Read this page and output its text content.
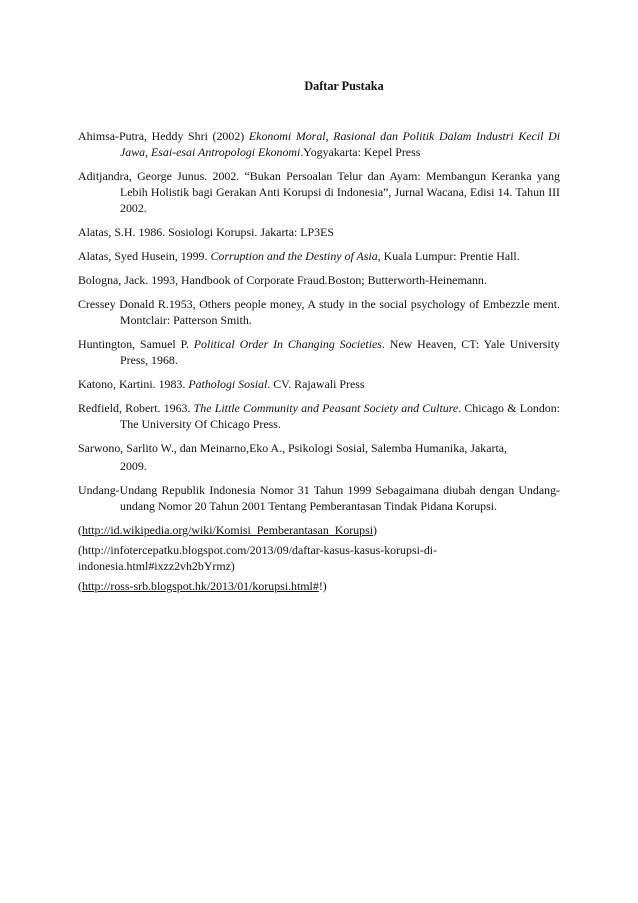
Daftar Pustaka

Ahimsa-Putra, Heddy Shri (2002) Ekonomi Moral, Rasional dan Politik Dalam Industri Kecil Di Jawa, Esai-esai Antropologi Ekonomi.Yogyakarta: Kepel Press

Aditjandra, George Junus. 2002. “Bukan Persoalan Telur dan Ayam: Membangun Keranka yang Lebih Holistik bagi Gerakan Anti Korupsi di Indonesia”, Jurnal Wacana, Edisi 14. Tahun III 2002.

Alatas, S.H. 1986. Sosiologi Korupsi. Jakarta: LP3ES

Alatas, Syed Husein, 1999. Corruption and the Destiny of Asia, Kuala Lumpur: Prentie Hall.

Bologna, Jack. 1993, Handbook of Corporate Fraud.Boston; Butterworth-Heinemann.

Cressey Donald R.1953, Others people money, A study in the social psychology of Embezzle ment. Montclair: Patterson Smith.

Huntington, Samuel P. Political Order In Changing Societies. New Heaven, CT: Yale University Press, 1968.

Katono, Kartini. 1983. Pathologi Sosial. CV. Rajawali Press

Redfield, Robert. 1963. The Little Community and Peasant Society and Culture. Chicago & London: The University Of Chicago Press.

Sarwono, Sarlito W., dan Meinarno,Eko A., Psikologi Sosial, Salemba Humanika, Jakarta,

2009.

Undang-Undang Republik Indonesia Nomor 31 Tahun 1999 Sebagaimana diubah dengan Undang-undang Nomor 20 Tahun 2001 Tentang Pemberantasan Tindak Pidana Korupsi.

(http://id.wikipedia.org/wiki/Komisi_Pemberantasan_Korupsi)

(http://infotercepatku.blogspot.com/2013/09/daftar-kasus-kasus-korupsi-di-indonesia.html#ixzz2vh2bYrmz)

(http://ross-srb.blogspot.hk/2013/01/korupsi.html#!)
